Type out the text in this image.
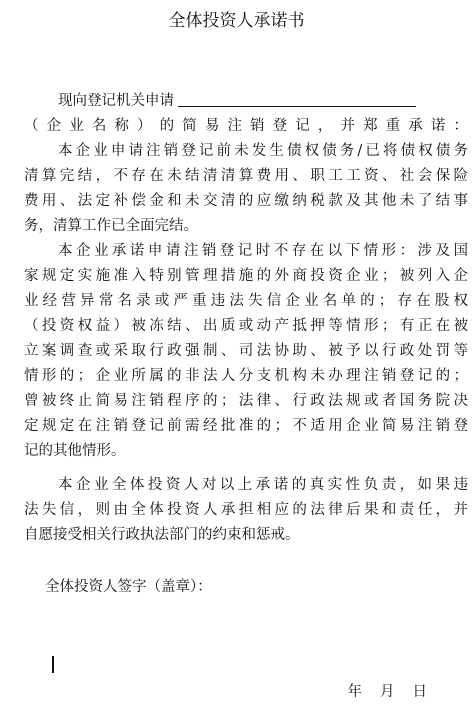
全体投资人承诺书
现向登记机关申请
（企业名称）的简易注销登记，并郑重承诺：
本企业申请注销登记前未发生债权债务/已将债权债务
清算完结，不存在未结清清算费用、职工工资、社会保险
费用、法定补偿金和未交清的应缴纳税款及其他未了结事
务，清算工作已全面完结。
本企业承诺申请注销登记时不存在以下情形：涉及国
家规定实施准入特别管理措施的外商投资企业；被列入企
业经营异常名录或严重违法失信企业名单的；存在股权
（投资权益）被冻结、出质或动产抵押等情形；有正在被
立案调查或采取行政强制、司法协助、被予以行政处罚等
情形的；企业所属的非法人分支机构未办理注销登记的；
曾被终止简易注销程序的；法律、行政法规或者国务院决
定规定在注销登记前需经批准的；不适用企业简易注销登
记的其他情形。
本企业全体投资人对以上承诺的真实性负责，如果违
法失信，则由全体投资人承担相应的法律后果和责任，并
自愿接受相关行政执法部门的约束和惩戒。
全体投资人签字（盖章）：
年 月 日
